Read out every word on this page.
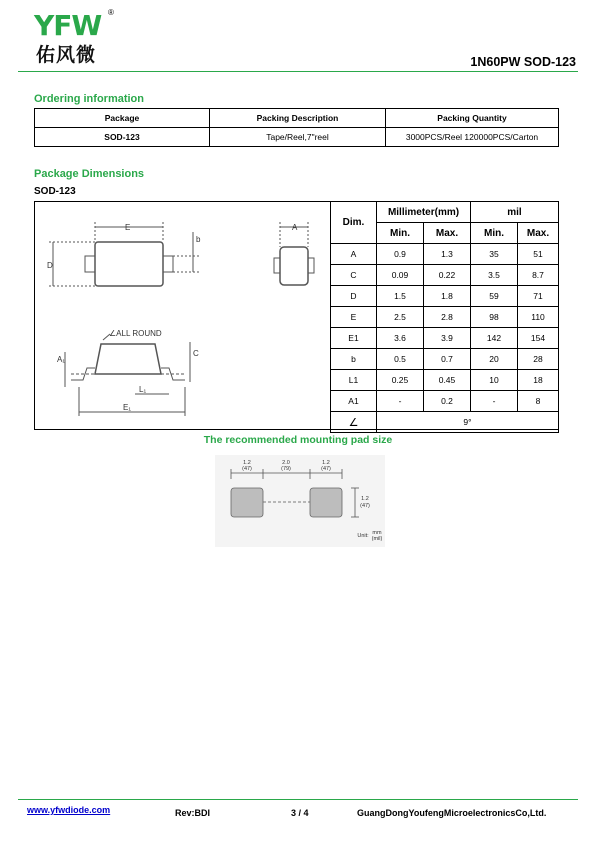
YFW ®
佑风微	1N60PW SOD-123
Ordering information
Package	Packing Description	Packing Quantity
SOD-123	Tape/Reel,7"reel	3000PCS/Reel 120000PCS/Carton
Package Dimensions
SOD-123
E
D
b
A
∠ALL ROUND
A₁
C
L₁
E₁
Dim.	Millimeter(mm)		mil	
	Min.	Max.	Min.	Max.
A	0.9	1.3	35	51
C	0.09	0.22	3.5	8.7
D	1.5	1.8	59	71
E	2.5	2.8	98	110
E1	3.6	3.9	142	154
b	0.5	0.7	20	28
L1	0.25	0.45	10	18
A1	-	0.2	-	8
∠	9°			
The recommended mounting pad size
1.2
(47)
2.0
(79)
1.2
(47)
1.2
(47)
Unit: mm
(mil)
www.yfwdiode.com	Rev:BDI	3 / 4	GuangDongYoufengMicroelectronicsCo,Ltd.
